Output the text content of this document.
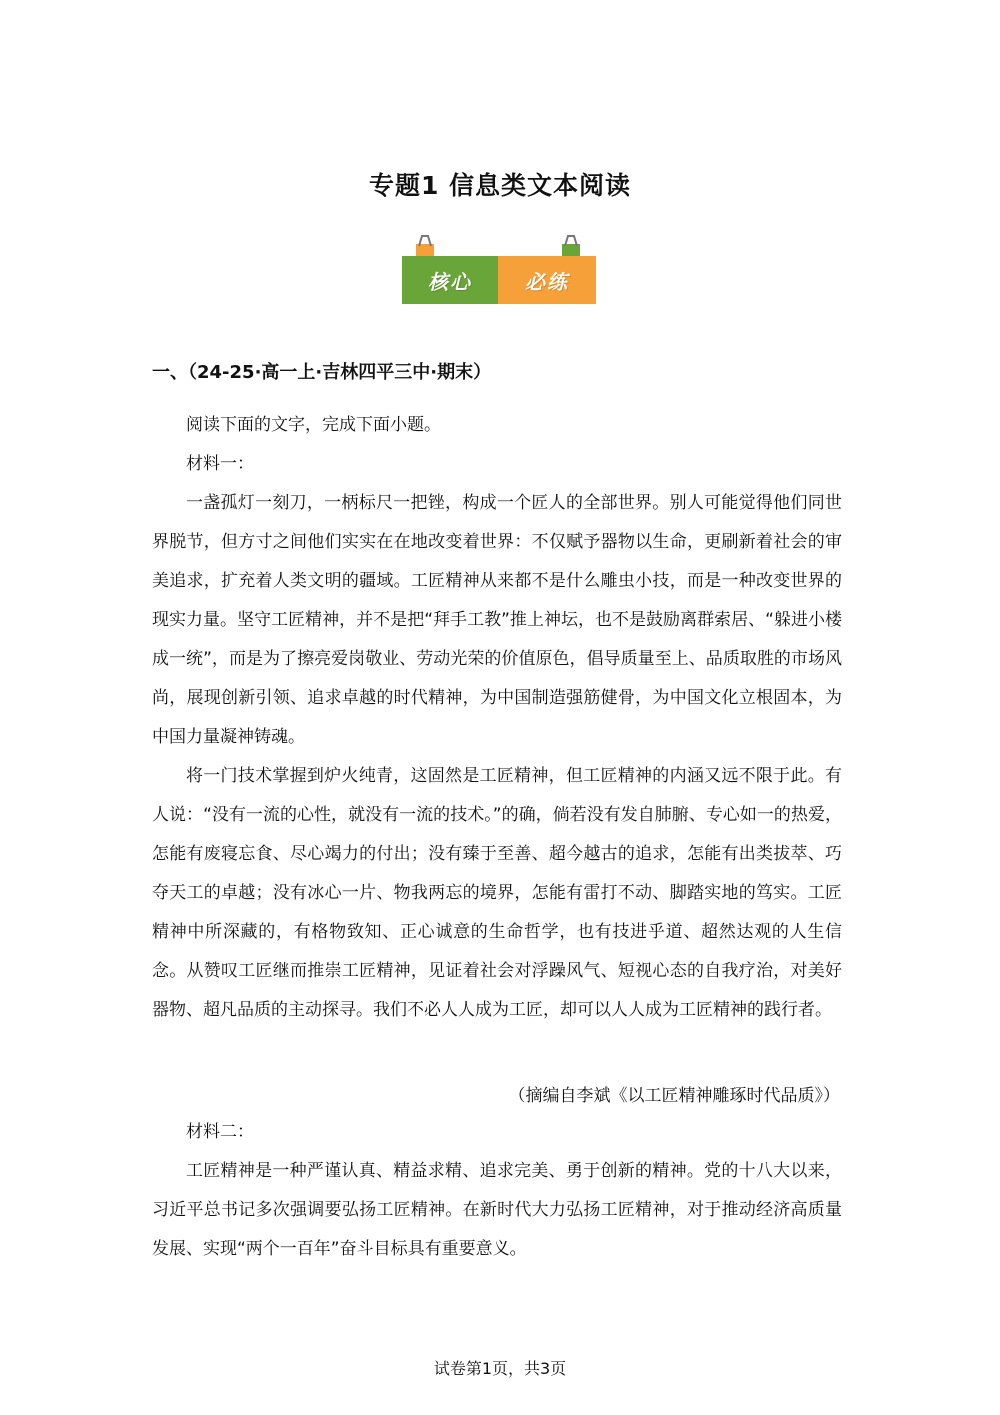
专题1 信息类文本阅读
核心	必练
一、（24-25·高一上·吉林四平三中·期末）

阅读下面的文字，完成下面小题。

材料一：

一盏孤灯一刻刀，一柄标尺一把锉，构成一个匠人的全部世界。别人可能觉得他们同世界脱节，但方寸之间他们实实在在地改变着世界：不仅赋予器物以生命，更刷新着社会的审美追求，扩充着人类文明的疆域。工匠精神从来都不是什么雕虫小技，而是一种改变世界的现实力量。坚守工匠精神，并不是把“拜手工教”推上神坛，也不是鼓励离群索居、“躲进小楼成一统”，而是为了擦亮爱岗敬业、劳动光荣的价值原色，倡导质量至上、品质取胜的市场风尚，展现创新引领、追求卓越的时代精神，为中国制造强筋健骨，为中国文化立根固本，为中国力量凝神铸魂。

将一门技术掌握到炉火纯青，这固然是工匠精神，但工匠精神的内涵又远不限于此。有人说：“没有一流的心性，就没有一流的技术。”的确，倘若没有发自肺腑、专心如一的热爱，怎能有废寝忘食、尽心竭力的付出；没有臻于至善、超今越古的追求，怎能有出类拔萃、巧夺天工的卓越；没有冰心一片、物我两忘的境界，怎能有雷打不动、脚踏实地的笃实。工匠精神中所深藏的，有格物致知、正心诚意的生命哲学，也有技进乎道、超然达观的人生信念。从赞叹工匠继而推崇工匠精神，见证着社会对浮躁风气、短视心态的自我疗治，对美好器物、超凡品质的主动探寻。我们不必人人成为工匠，却可以人人成为工匠精神的践行者。

（摘编自李斌《以工匠精神雕琢时代品质》）

材料二：

工匠精神是一种严谨认真、精益求精、追求完美、勇于创新的精神。党的十八大以来，习近平总书记多次强调要弘扬工匠精神。在新时代大力弘扬工匠精神，对于推动经济高质量发展、实现“两个一百年”奋斗目标具有重要意义。

试卷第1页，共3页
